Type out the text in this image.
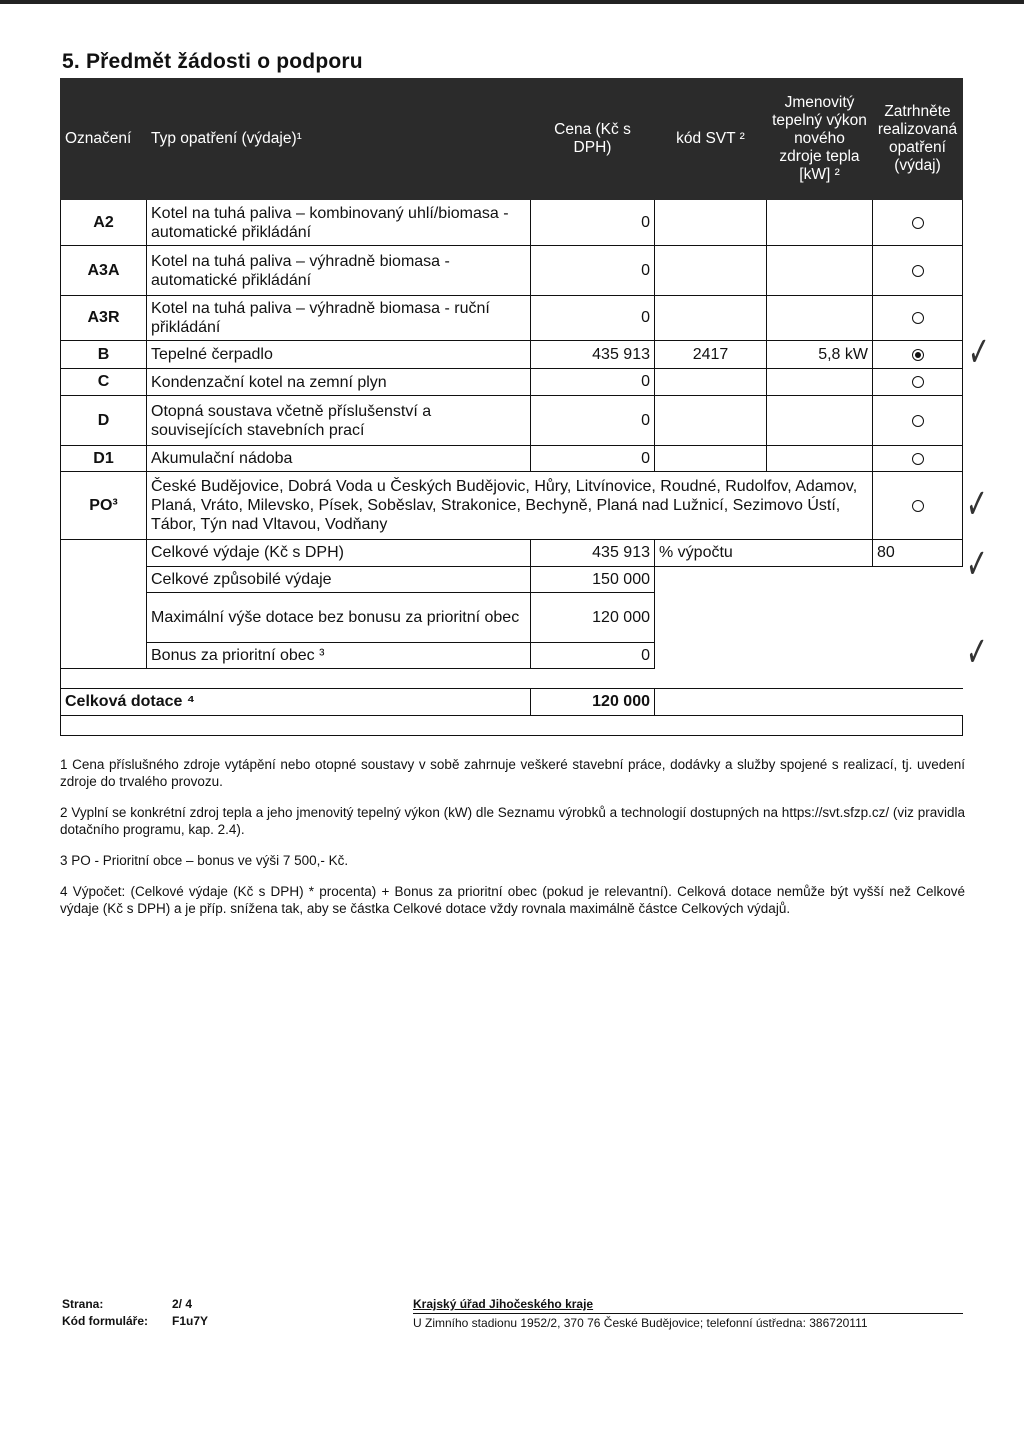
5. Předmět žádosti o podporu
Označení	Typ opatření (výdaje)¹	Cena (Kč s DPH)	kód SVT ²	Jmenovitý tepelný výkon nového zdroje tepla [kW] ²	Zatrhněte realizovaná opatření (výdaj)
A2	Kotel na tuhá paliva – kombinovaný uhlí/biomasa - automatické přikládání	0			
A3A	Kotel na tuhá paliva – výhradně biomasa - automatické přikládání	0			
A3R	Kotel na tuhá paliva – výhradně biomasa - ruční přikládání	0			
B	Tepelné čerpadlo	435 913	2417	5,8 kW	
C	Kondenzační kotel na zemní plyn	0			
D	Otopná soustava včetně příslušenství a souvisejících stavebních prací	0			
D1	Akumulační nádoba	0			
PO³	České Budějovice, Dobrá Voda u Českých Budějovic, Hůry, Litvínovice, Roudné, Rudolfov, Adamov, Planá, Vráto, Milevsko, Písek, Soběslav, Strakonice, Bechyně, Planá nad Lužnicí, Sezimovo Ústí, Tábor, Týn nad Vltavou, Vodňany				
	Celkové výdaje (Kč s DPH)	435 913	% výpočtu		80
	Celkové způsobilé výdaje	150 000			
	Maximální výše dotace bez bonusu za prioritní obec	120 000			
	Bonus za prioritní obec ³	0			

Celková dotace ⁴		120 000			

✓
✓
✓
✓

1 Cena příslušného zdroje vytápění nebo otopné soustavy v sobě zahrnuje veškeré stavební práce, dodávky a služby spojené s realizací, tj. uvedení zdroje do trvalého provozu.

2 Vyplní se konkrétní zdroj tepla a jeho jmenovitý tepelný výkon (kW) dle Seznamu výrobků a technologií dostupných na https://svt.sfzp.cz/ (viz pravidla dotačního programu, kap. 2.4).

3 PO - Prioritní obce – bonus ve výši 7 500,- Kč.

4 Výpočet: (Celkové výdaje (Kč s DPH) * procenta) + Bonus za prioritní obec (pokud je relevantní). Celková dotace nemůže být vyšší než Celkové výdaje (Kč s DPH) a je příp. snížena tak, aby se částka Celkové dotace vždy rovnala maximálně částce Celkových výdajů.

Strana:	2/ 4
Kód formuláře: F1u7Y
Krajský úřad Jihočeského kraje
U Zimního stadionu 1952/2, 370 76 České Budějovice; telefonní ústředna: 386720111
